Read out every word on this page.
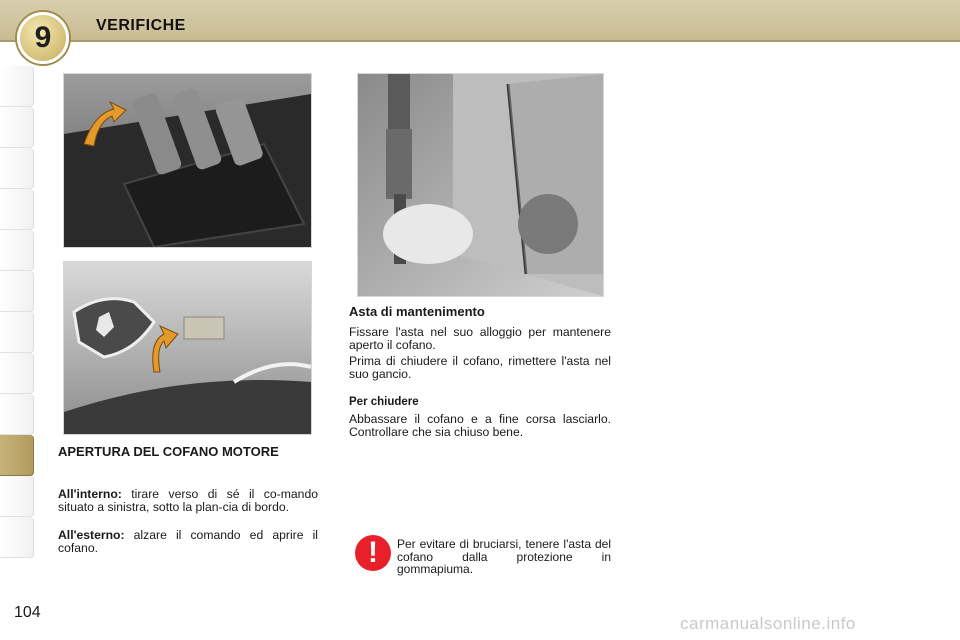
VERIFICHE
9
APERTURA DEL COFANO MOTORE
All'interno: tirare verso di sé il co-mando situato a sinistra, sotto la plan-cia di bordo.
All'esterno: alzare il comando ed aprire il cofano.
Asta di mantenimento
Fissare l'asta nel suo alloggio per mantenere aperto il cofano.
Prima di chiudere il cofano, rimettere l'asta nel suo gancio.
Per chiudere
Abbassare il cofano e a fine corsa lasciarlo. Controllare che sia chiuso bene.
!	Per evitare di bruciarsi, tenere l'asta del cofano dalla protezione in gommapiuma.
104
carmanualsonline.info
